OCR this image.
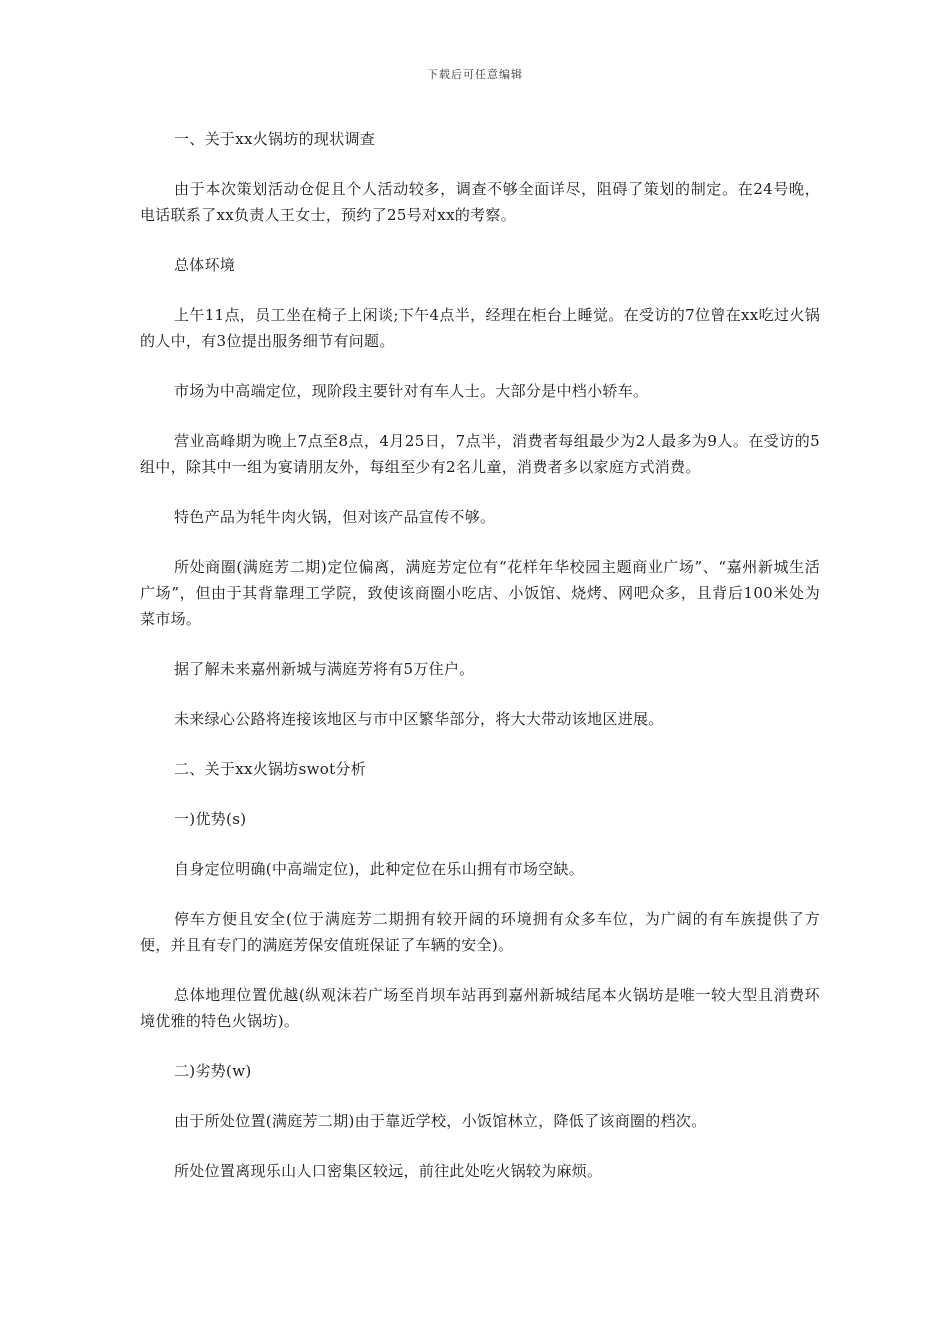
下载后可任意编辑

一、关于xx火锅坊的现状调查

由于本次策划活动仓促且个人活动较多，调查不够全面详尽，阻碍了策划的制定。在24号晚，电话联系了xx负责人王女士，预约了25号对xx的考察。

总体环境

上午11点，员工坐在椅子上闲谈;下午4点半，经理在柜台上睡觉。在受访的7位曾在xx吃过火锅的人中，有3位提出服务细节有问题。

市场为中高端定位，现阶段主要针对有车人士。大部分是中档小轿车。

营业高峰期为晚上7点至8点，4月25日，7点半，消费者每组最少为2人最多为9人。在受访的5组中，除其中一组为宴请朋友外，每组至少有2名儿童，消费者多以家庭方式消费。

特色产品为牦牛肉火锅，但对该产品宣传不够。

所处商圈(满庭芳二期)定位偏离，满庭芳定位有“花样年华校园主题商业广场”、“嘉州新城生活广场”，但由于其背靠理工学院，致使该商圈小吃店、小饭馆、烧烤、网吧众多，且背后100米处为菜市场。

据了解未来嘉州新城与满庭芳将有5万住户。

未来绿心公路将连接该地区与市中区繁华部分，将大大带动该地区进展。

二、关于xx火锅坊swot分析

一)优势(s)

自身定位明确(中高端定位)，此种定位在乐山拥有市场空缺。

停车方便且安全(位于满庭芳二期拥有较开阔的环境拥有众多车位，为广阔的有车族提供了方便，并且有专门的满庭芳保安值班保证了车辆的安全)。

总体地理位置优越(纵观沫若广场至肖坝车站再到嘉州新城结尾本火锅坊是唯一较大型且消费环境优雅的特色火锅坊)。

二)劣势(w)

由于所处位置(满庭芳二期)由于靠近学校，小饭馆林立，降低了该商圈的档次。

所处位置离现乐山人口密集区较远，前往此处吃火锅较为麻烦。
